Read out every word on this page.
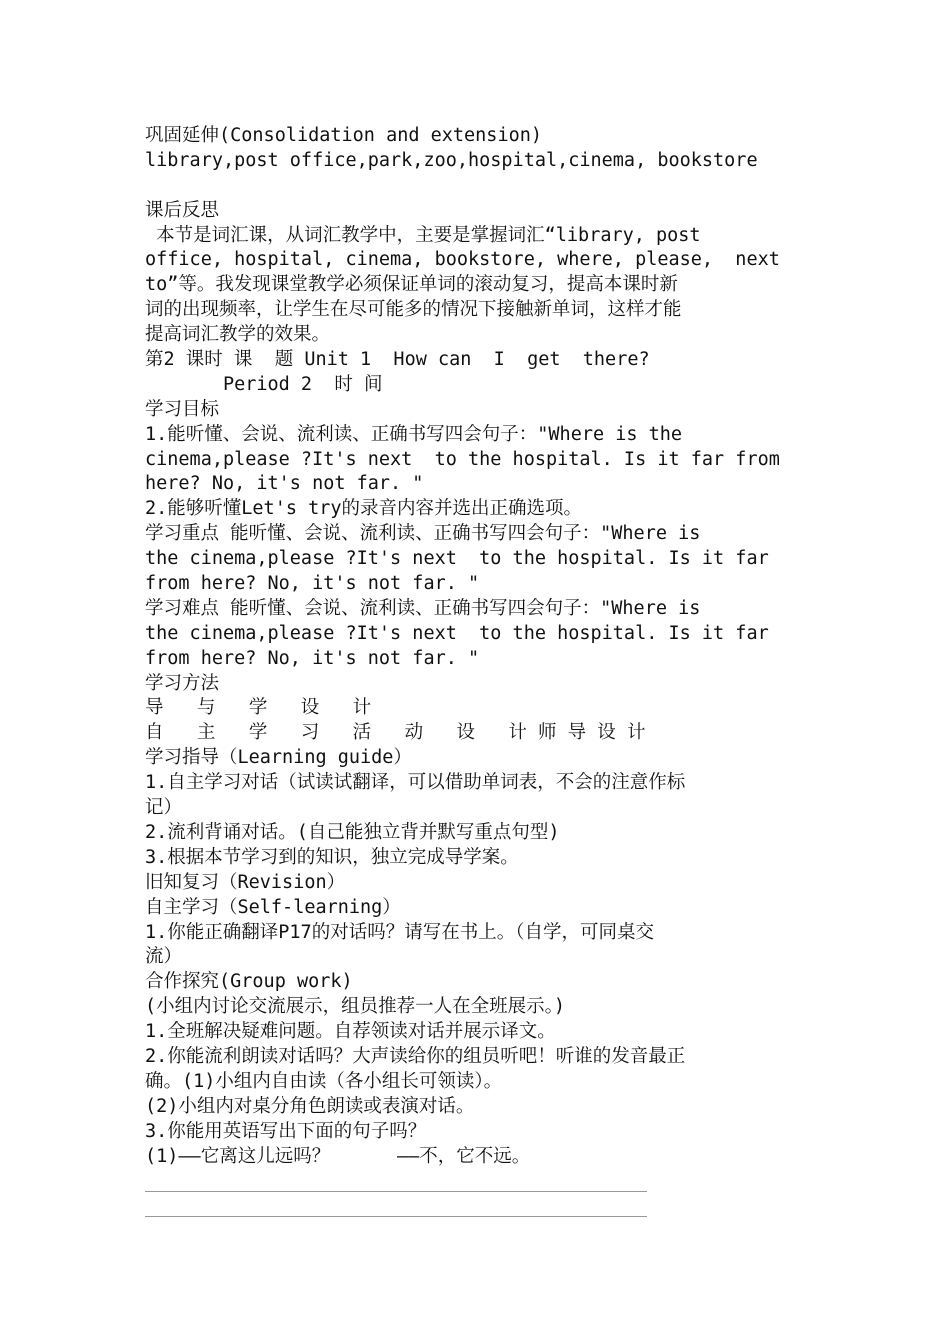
巩固延伸(Consolidation and extension)
library,post office,park,zoo,hospital,cinema, bookstore
课后反思
本节是词汇课，从词汇教学中，主要是掌握词汇“library, post
office, hospital, cinema, bookstore, where, please,  next
to”等。我发现课堂教学必须保证单词的滚动复习，提高本课时新
词的出现频率，让学生在尽可能多的情况下接触新单词，这样才能
提高词汇教学的效果。
第2 课时 课  题 Unit 1  How can  I  get  there?
Period 2  时 间
学习目标
1.能听懂、会说、流利读、正确书写四会句子："Where is the
cinema,please ?It's next  to the hospital. Is it far from
here? No, it's not far. "
2.能够听懂Let's try的录音内容并选出正确选项。
学习重点 能听懂、会说、流利读、正确书写四会句子："Where is
the cinema,please ?It's next  to the hospital. Is it far
from here? No, it's not far. "
学习难点 能听懂、会说、流利读、正确书写四会句子："Where is
the cinema,please ?It's next  to the hospital. Is it far
from here? No, it's not far. "
学习方法
导   与   学   设   计
自   主   学   习   活   动   设   计 师 导 设 计
学习指导（Learning guide）
1.自主学习对话（试读试翻译，可以借助单词表，不会的注意作标
记）
2.流利背诵对话。(自己能独立背并默写重点句型)
3.根据本节学习到的知识，独立完成导学案。
旧知复习（Revision）
自主学习（Self-learning）
1.你能正确翻译P17的对话吗？请写在书上。（自学，可同桌交
流）
合作探究(Group work)
(小组内讨论交流展示，组员推荐一人在全班展示。)
1.全班解决疑难问题。自荐领读对话并展示译文。
2.你能流利朗读对话吗？大声读给你的组员听吧！听谁的发音最正
确。(1)小组内自由读（各小组长可领读）。
(2)小组内对桌分角色朗读或表演对话。
3.你能用英语写出下面的句子吗？
(1)——它离这儿远吗？      ——不，它不远。
